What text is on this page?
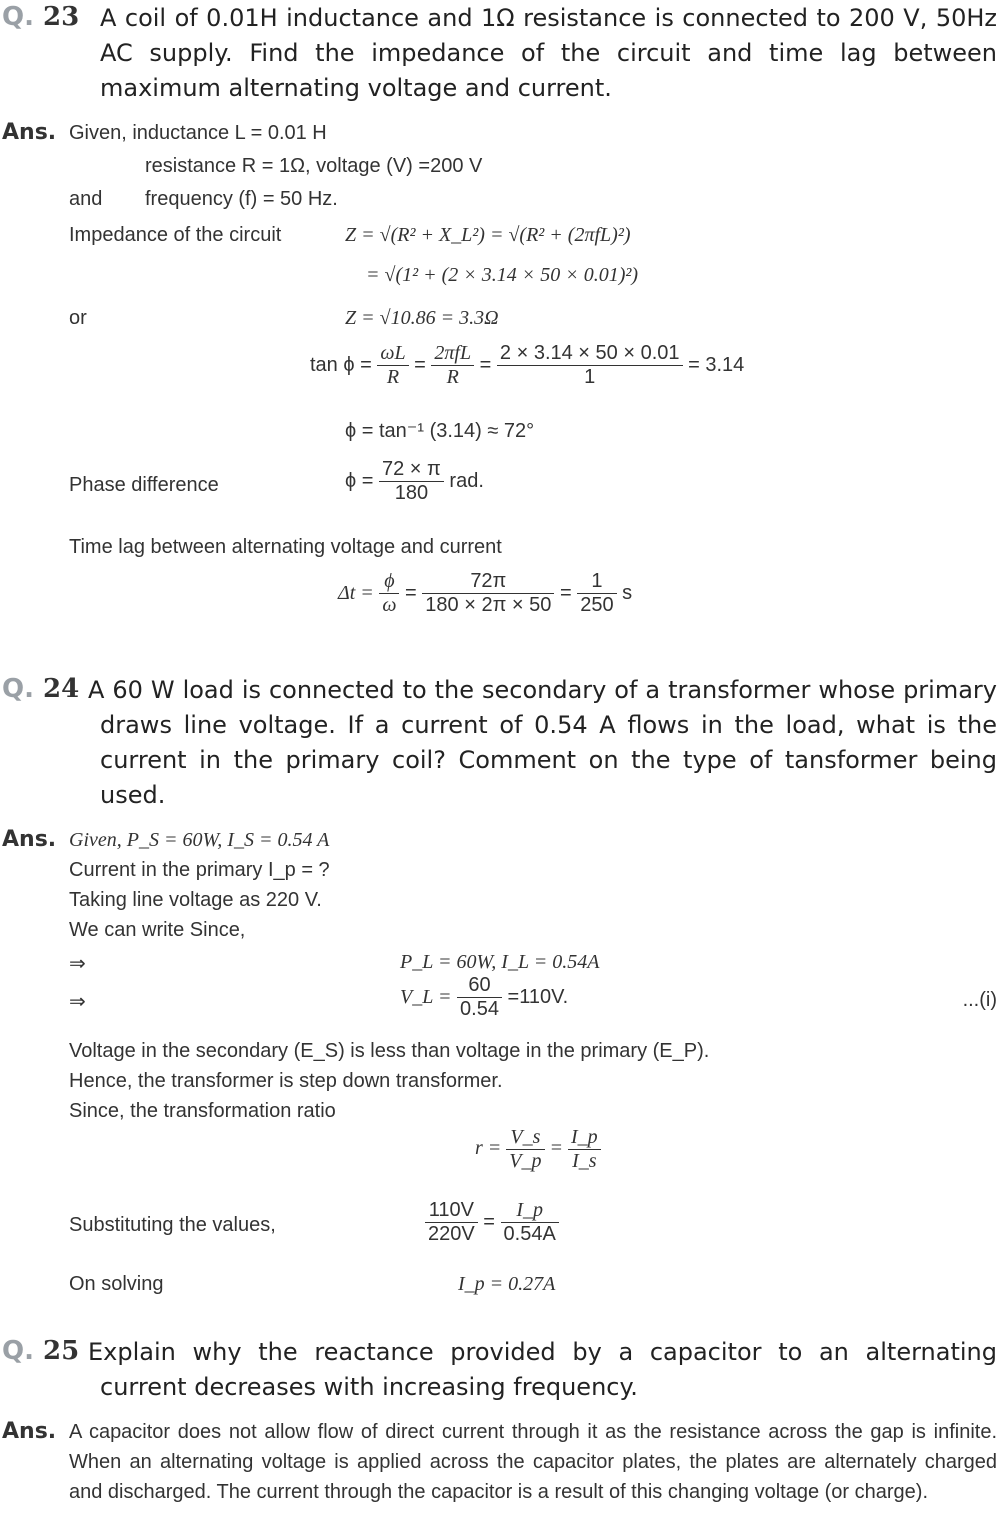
Q. 23 A coil of 0.01H inductance and 1Ω resistance is connected to 200 V, 50Hz AC supply. Find the impedance of the circuit and time lag between maximum alternating voltage and current.
Ans. Given, inductance L = 0.01 H
resistance R = 1Ω, voltage (V) =200 V
and frequency (f) = 50 Hz.
Impedance of the circuit	Z = √(R² + X_L²) = √(R² + (2πfL)²)
= √(1² + (2 × 3.14 × 50 × 0.01)²)
or	Z = √10.86 = 3.3Ω
$\tan \phi = \frac{\omega L}{R} = \frac{\text{2πfL}}{R} = \frac{2 \times 3.14 \times 50 \times 0.01}{1} = 3.14$
ϕ = tan⁻¹ (3.14) ≈ 72°
Phase difference	$\phi = \frac{72 \times \pi}{180}$ rad.
Time lag between alternating voltage and current
$\Delta t = \frac{\phi}{\omega} = \frac{72\pi}{180 \times 2\pi \times 50} = \frac{1}{250}$ s
Q. 24 A 60 W load is connected to the secondary of a transformer whose primary draws line voltage. If a current of 0.54 A flows in the load, what is the current in the primary coil? Comment on the type of tansformer being used.
Ans. Given, P_S = 60W, I_S = 0.54 A
Current in the primary I_p = ?
Taking line voltage as 220 V.
We can write Since,
⇒	P_L = 60W, I_L = 0.54A
⇒	V_L = $\frac{60}{0.54} =110V$.	...(i)
Voltage in the secondary (E_S) is less than voltage in the primary (E_P).
Hence, the transformer is step down transformer.
Since, the transformation ratio
$r = \frac{V\_s}{V\_p} = \frac{I\_p}{I\_s}$
Substituting the values,	$\frac{110V}{220V} = \frac{I\_p}{0.54A}$
On solving	I_p = 0.27A
Q. 25 Explain why the reactance provided by a capacitor to an alternating current decreases with increasing frequency.
Ans. A capacitor does not allow flow of direct current through it as the resistance across the gap is infinite. When an alternating voltage is applied across the capacitor plates, the plates are alternately charged and discharged. The current through the capacitor is a result of this changing voltage (or charge).
